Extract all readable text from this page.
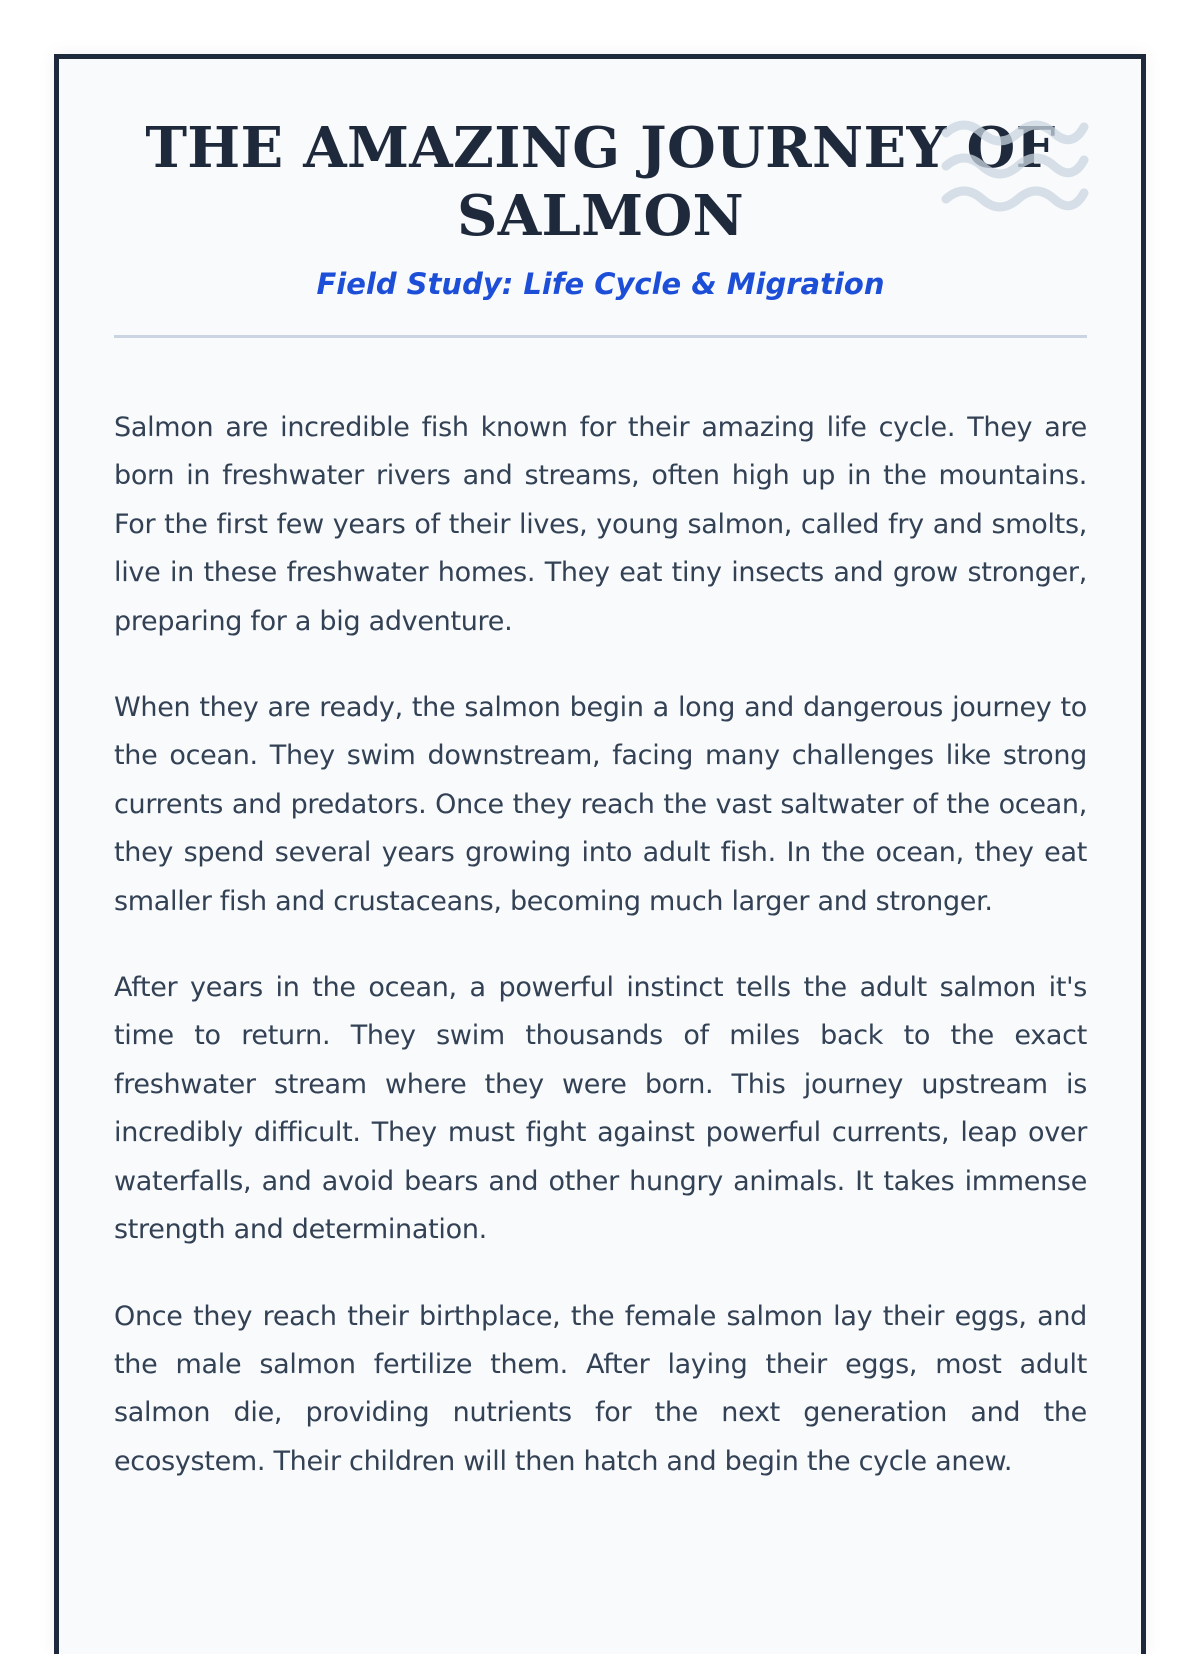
THE AMAZING JOURNEY OF SALMON
Field Study: Life Cycle & Migration

Salmon are incredible fish known for their amazing life cycle. They are born in freshwater rivers and streams, often high up in the mountains. For the first few years of their lives, young salmon, called fry and smolts, live in these freshwater homes. They eat tiny insects and grow stronger, preparing for a big adventure.

When they are ready, the salmon begin a long and dangerous journey to the ocean. They swim downstream, facing many challenges like strong currents and predators. Once they reach the vast saltwater of the ocean, they spend several years growing into adult fish. In the ocean, they eat smaller fish and crustaceans, becoming much larger and stronger.

After years in the ocean, a powerful instinct tells the adult salmon it's time to return. They swim thousands of miles back to the exact freshwater stream where they were born. This journey upstream is incredibly difficult. They must fight against powerful currents, leap over waterfalls, and avoid bears and other hungry animals. It takes immense strength and determination.

Once they reach their birthplace, the female salmon lay their eggs, and the male salmon fertilize them. After laying their eggs, most adult salmon die, providing nutrients for the next generation and the ecosystem. Their children will then hatch and begin the cycle anew.
